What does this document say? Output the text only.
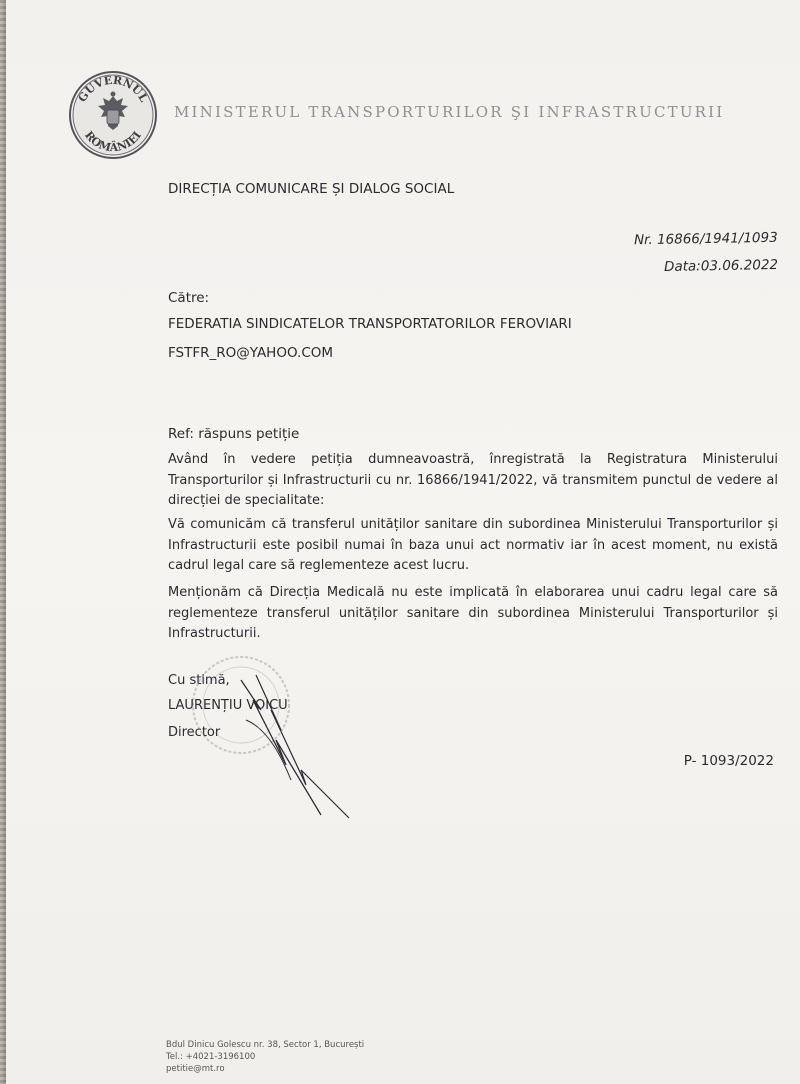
GUVERNUL
ROMÂNIEI
MINISTERUL TRANSPORTURILOR ŞI INFRASTRUCTURII
DIRECȚIA COMUNICARE ȘI DIALOG SOCIAL
Nr. 16866/1941/1093
Data:03.06.2022
Către:
FEDERATIA SINDICATELOR TRANSPORTATORILOR FEROVIARI
FSTFR_RO@YAHOO.COM
Ref: răspuns petiție
Având în vedere petiția dumneavoastră, înregistrată la Registratura Ministerului Transporturilor și Infrastructurii cu nr. 16866/1941/2022, vă transmitem punctul de vedere al direcției de specialitate:
Vă comunicăm că transferul unităților sanitare din subordinea Ministerului Transporturilor și Infrastructurii este posibil numai în baza unui act normativ iar în acest moment, nu există cadrul legal care să reglementeze acest lucru.
Menționăm că Direcția Medicală nu este implicată în elaborarea unui cadru legal care să reglementeze transferul unităților sanitare din subordinea Ministerului Transporturilor și Infrastructurii.
Cu stimă,
LAURENȚIU VOICU
Director
P- 1093/2022
Bdul Dinicu Golescu nr. 38, Sector 1, București
Tel.: +4021-3196100
petitie@mt.ro
